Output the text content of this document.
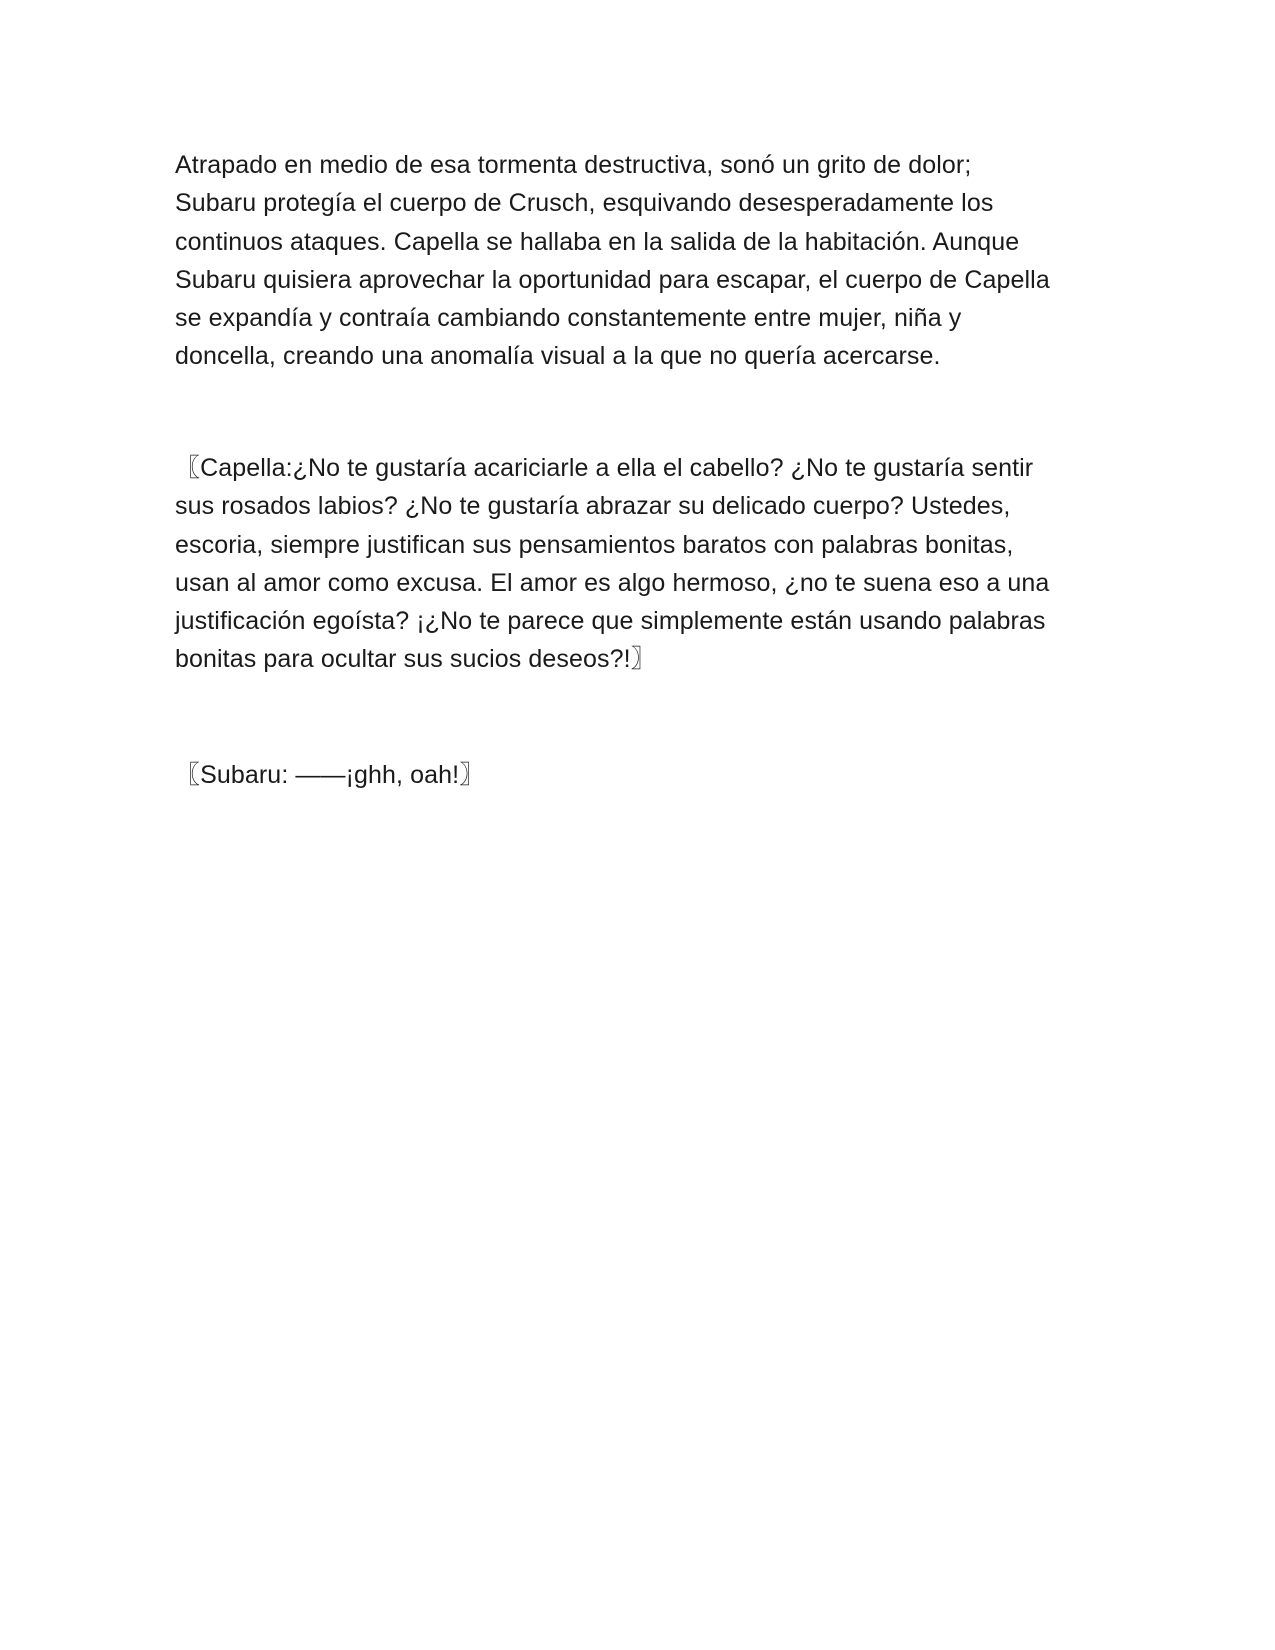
Atrapado en medio de esa tormenta destructiva, sonó un grito de dolor;
Subaru protegía el cuerpo de Crusch, esquivando desesperadamente los
continuos ataques. Capella se hallaba en la salida de la habitación. Aunque
Subaru quisiera aprovechar la oportunidad para escapar, el cuerpo de Capella
se expandía y contraía cambiando constantemente entre mujer, niña y
doncella, creando una anomalía visual a la que no quería acercarse.

〖Capella:¿No te gustaría acariciarle a ella el cabello? ¿No te gustaría sentir
sus rosados labios? ¿No te gustaría abrazar su delicado cuerpo? Ustedes,
escoria, siempre justifican sus pensamientos baratos con palabras bonitas,
usan al amor como excusa. El amor es algo hermoso, ¿no te suena eso a una
justificación egoísta? ¡¿No te parece que simplemente están usando palabras
bonitas para ocultar sus sucios deseos?!〗

〖Subaru: ——¡ghh, oah!〗
